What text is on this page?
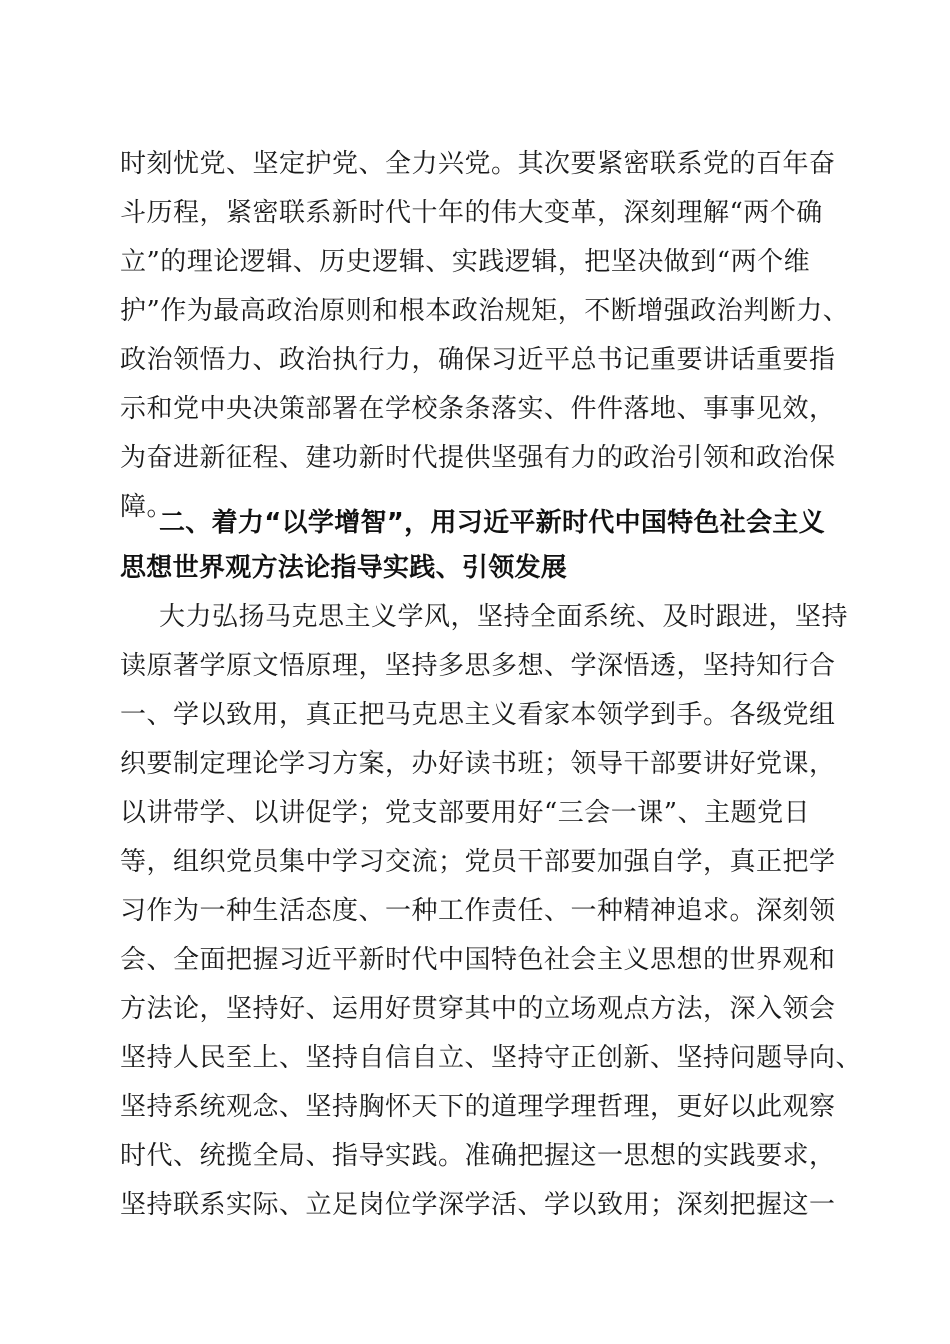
时刻忧党、坚定护党、全力兴党。其次要紧密联系党的百年奋
斗历程，紧密联系新时代十年的伟大变革，深刻理解“两个确
立”的理论逻辑、历史逻辑、实践逻辑，把坚决做到“两个维
护”作为最高政治原则和根本政治规矩，不断增强政治判断力、
政治领悟力、政治执行力，确保习近平总书记重要讲话重要指
示和党中央决策部署在学校条条落实、件件落地、事事见效，
为奋进新征程、建功新时代提供坚强有力的政治引领和政治保
障。
二、着力“以学增智”，用习近平新时代中国特色社会主义
思想世界观方法论指导实践、引领发展
大力弘扬马克思主义学风，坚持全面系统、及时跟进，坚持
读原著学原文悟原理，坚持多思多想、学深悟透，坚持知行合
一、学以致用，真正把马克思主义看家本领学到手。各级党组
织要制定理论学习方案，办好读书班；领导干部要讲好党课，
以讲带学、以讲促学；党支部要用好“三会一课”、主题党日
等，组织党员集中学习交流；党员干部要加强自学，真正把学
习作为一种生活态度、一种工作责任、一种精神追求。深刻领
会、全面把握习近平新时代中国特色社会主义思想的世界观和
方法论，坚持好、运用好贯穿其中的立场观点方法，深入领会
坚持人民至上、坚持自信自立、坚持守正创新、坚持问题导向、
坚持系统观念、坚持胸怀天下的道理学理哲理，更好以此观察
时代、统揽全局、指导实践。准确把握这一思想的实践要求，
坚持联系实际、立足岗位学深学活、学以致用；深刻把握这一
